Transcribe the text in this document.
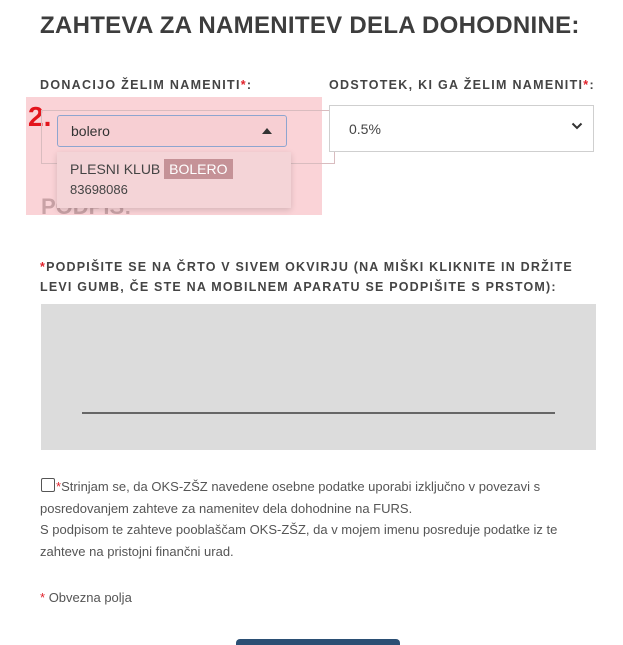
ZAHTEVA ZA NAMENITEV DELA DOHODNINE:
DONACIJO ŽELIM NAMENITI*:	ODSTOTEK, KI GA ŽELIM NAMENITI*:
2. bolero
PLESNI KLUB BOLERO
83698086
0.5%
*PODPIŠITE SE NA ČRTO V SIVEM OKVIRJU (NA MIŠKI KLIKNITE IN DRŽITE LEVI GUMB, ČE STE NA MOBILNEM APARATU SE PODPIŠITE S PRSTOM):
*Strinjam se, da OKS-ZŠZ navedene osebne podatke uporabi izključno v povezavi s posredovanjem zahteve za namenitev dela dohodnine na FURS.
S podpisom te zahteve pooblaščam OKS-ZŠZ, da v mojem imenu posreduje podatke iz te zahteve na pristojni finančni urad.
* Obvezna polja
